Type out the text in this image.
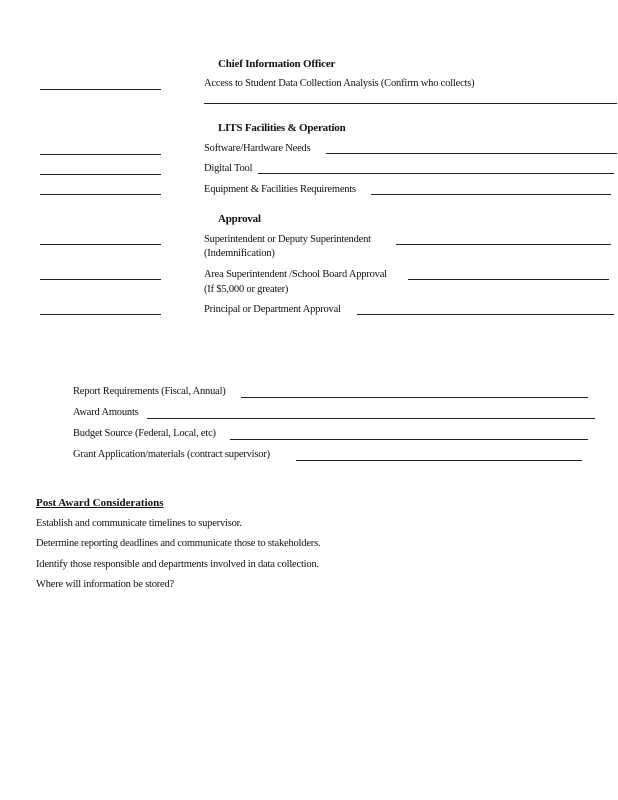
Chief Information Officer
Access to Student Data Collection Analysis (Confirm who collects)
LITS Facilities & Operation
Software/Hardware Needs
Digital Tool
Equipment & Facilities Requirements
Approval
Superintendent or Deputy Superintendent
(Indemnification)
Area Superintendent /School Board Approval
(If $5,000 or greater)
Principal or Department Approval
Report Requirements (Fiscal, Annual)
Award Amounts
Budget Source (Federal, Local, etc)
Grant Application/materials (contract supervisor)
Post Award Considerations
Establish and communicate timelines to supervisor.
Determine reporting deadlines and communicate those to stakeholders.
Identify those responsible and departments involved in data collection.
Where will information be stored?
